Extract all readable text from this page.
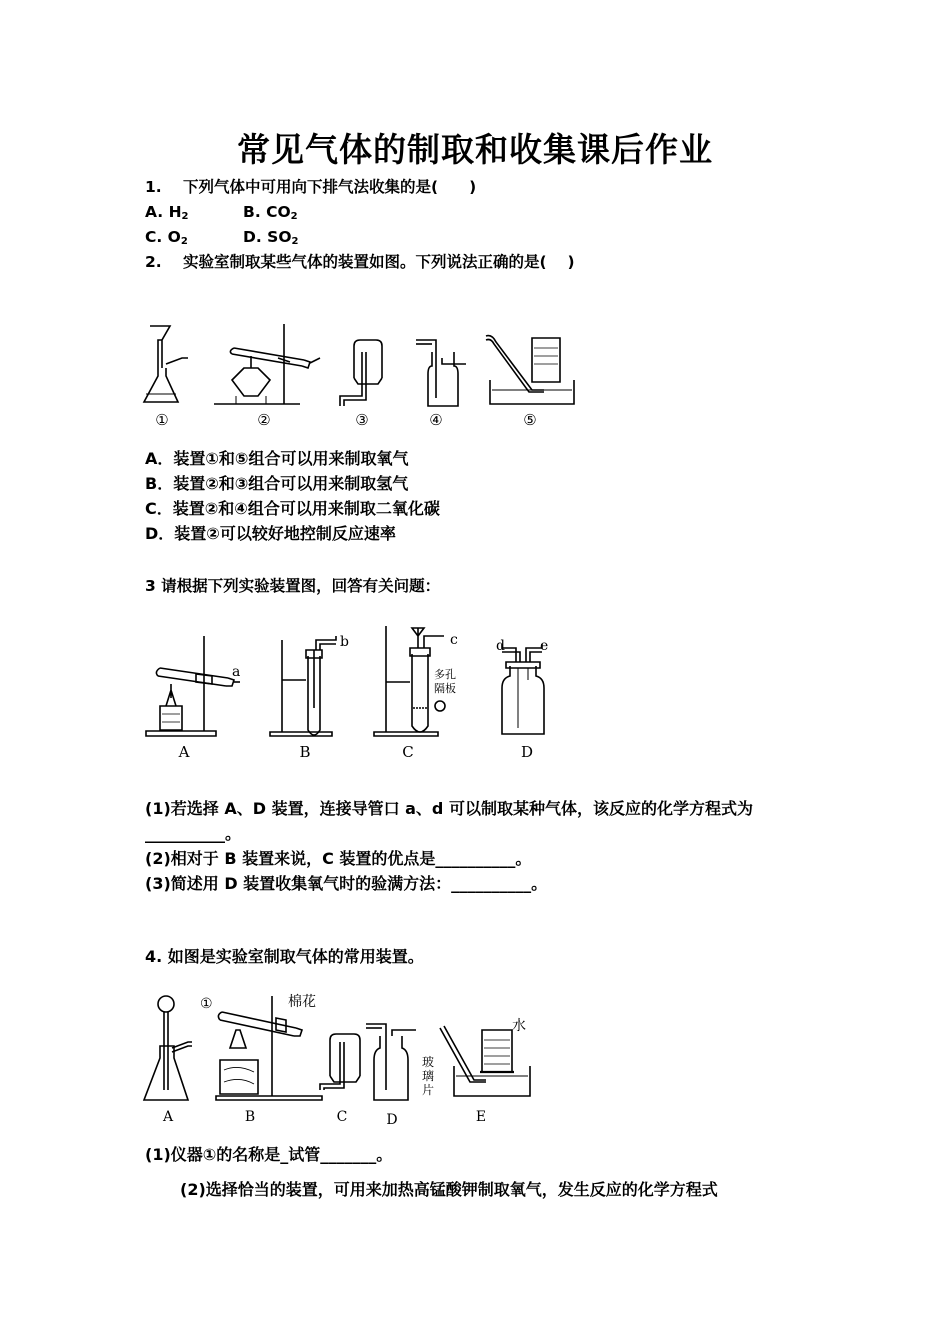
常见气体的制取和收集课后作业
1. 下列气体中可用向下排气法收集的是(　　)
A. $H_2$	B. $CO_2$
C. $O_2$	D. $SO_2$
2. 实验室制取某些气体的装置如图。下列说法正确的是(　 )
①	②	③	④	⑤
A．装置①和⑤组合可以用来制取氧气
B．装置②和③组合可以用来制取氢气
C．装置②和④组合可以用来制取二氧化碳
D．装置②可以较好地控制反应速率
3 请根据下列实验装置图，回答有关问题：
a
b	c	d	e
多孔
隔板
A	B	C	D
(1)若选择 A、D 装置，连接导管口 a、d 可以制取某种气体，该反应的化学方程式为
__________。
(2)相对于 B 装置来说，C 装置的优点是__________。
(3)简述用 D 装置收集氧气时的验满方法：__________。
4. 如图是实验室制取气体的常用装置。
①	棉花
水
玻
璃
片
A	B	C	D	E
(1)仪器①的名称是_试管_______。
(2)选择恰当的装置，可用来加热高锰酸钾制取氧气，发生反应的化学方程式
